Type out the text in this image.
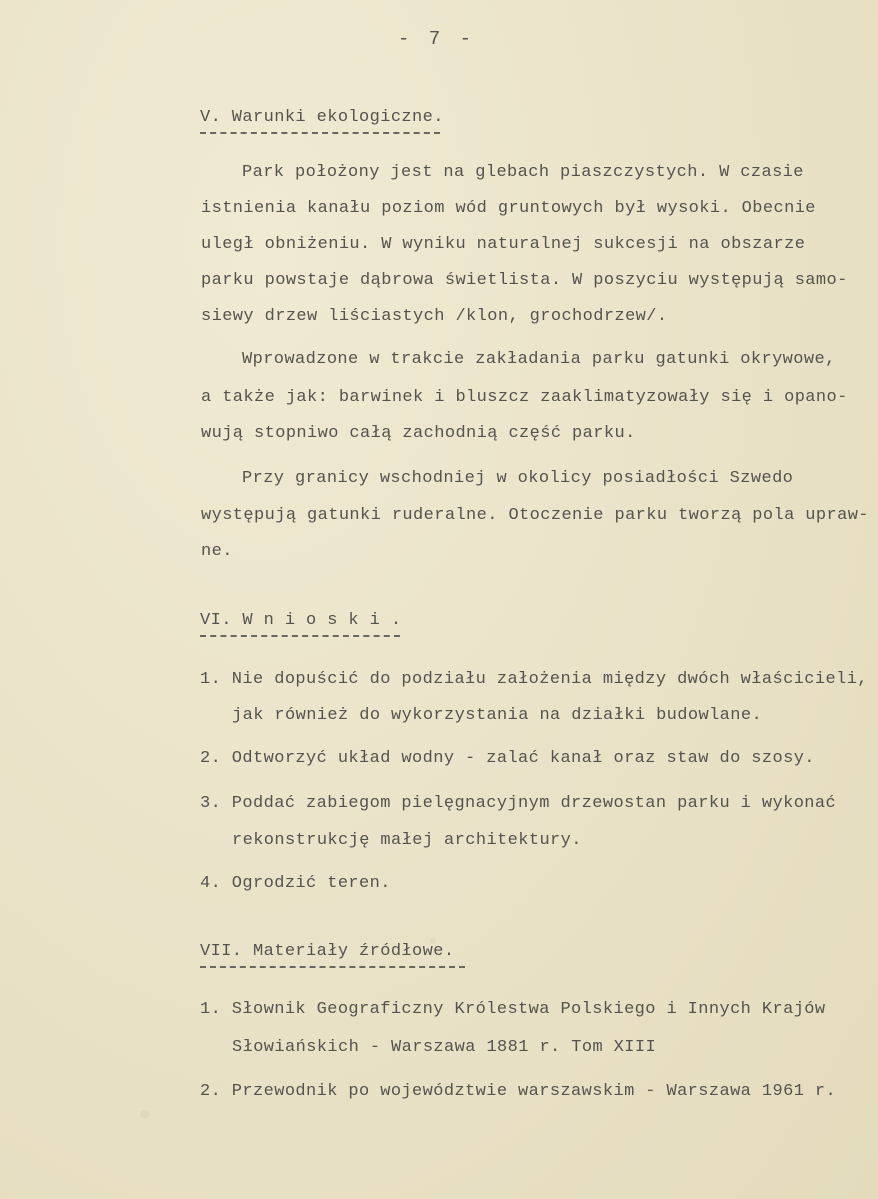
- 7 -
V. Warunki ekologiczne.
Park położony jest na glebach piaszczystych. W czasie
istnienia kanału poziom wód gruntowych był wysoki. Obecnie
uległ obniżeniu. W wyniku naturalnej sukcesji na obszarze
parku powstaje dąbrowa świetlista. W poszyciu występują samo-
siewy drzew liściastych /klon, grochodrzew/.
Wprowadzone w trakcie zakładania parku gatunki okrywowe,
a także jak: barwinek i bluszcz zaaklimatyzowały się i opano-
wują stopniwo całą zachodnią część parku.
Przy granicy wschodniej w okolicy posiadłości Szwedo
występują gatunki ruderalne. Otoczenie parku tworzą pola upraw-
ne.
VI. W n i o s k i .
1. Nie dopuścić do podziału założenia między dwóch właścicieli,
jak również do wykorzystania na działki budowlane.
2. Odtworzyć układ wodny - zalać kanał oraz staw do szosy.
3. Poddać zabiegom pielęgnacyjnym drzewostan parku i wykonać
rekonstrukcję małej architektury.
4. Ogrodzić teren.
VII. Materiały źródłowe.
1. Słownik Geograficzny Królestwa Polskiego i Innych Krajów
Słowiańskich - Warszawa 1881 r. Tom XIII
2. Przewodnik po województwie warszawskim - Warszawa 1961 r.
